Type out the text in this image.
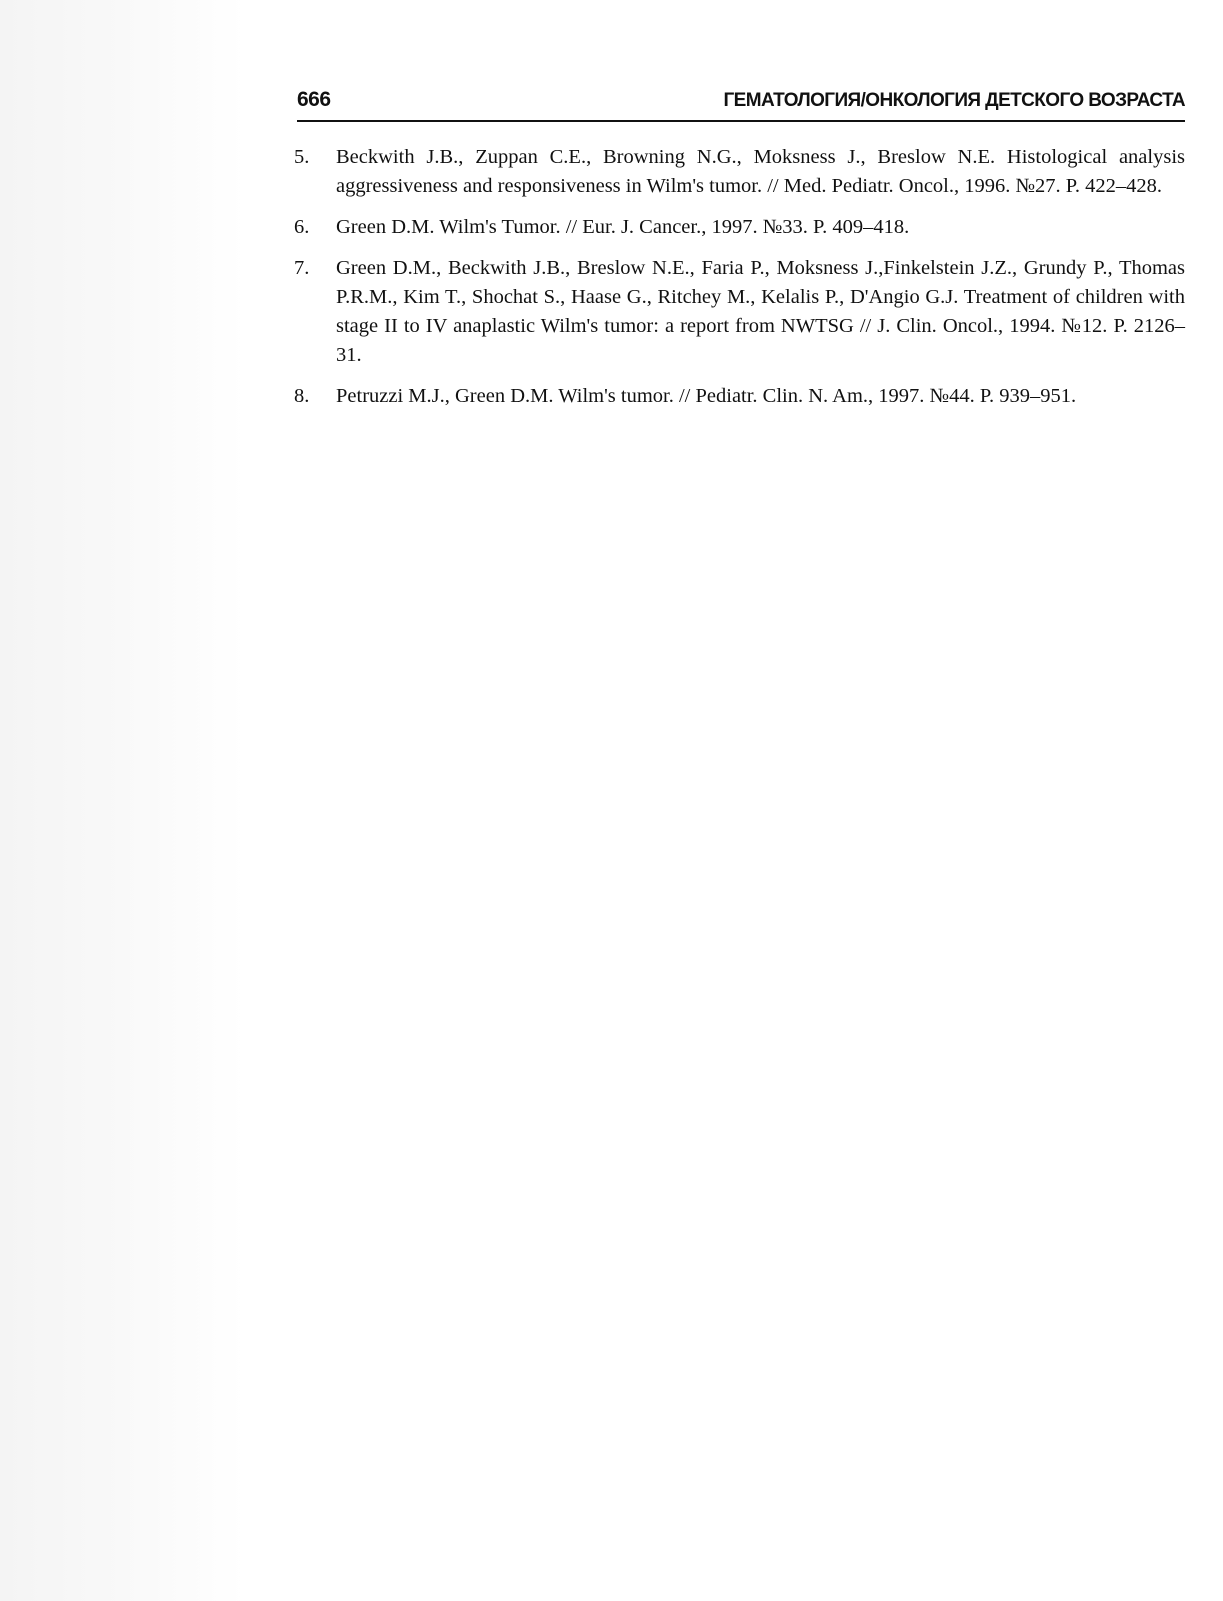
666	ГЕМАТОЛОГИЯ/ОНКОЛОГИЯ ДЕТСКОГО ВОЗРАСТА
5. Beckwith J.B., Zuppan C.E., Browning N.G., Moksness J., Breslow N.E. Histological analysis aggressiveness and responsiveness in Wilm's tumor. // Med. Pediatr. Oncol., 1996. №27. P. 422–428.
6. Green D.M. Wilm's Tumor. // Eur. J. Cancer., 1997. №33. P. 409–418.
7. Green D.M., Beckwith J.B., Breslow N.E., Faria P., Moksness J.,Finkelstein J.Z., Grundy P., Thomas P.R.M., Kim T., Shochat S., Haase G., Ritchey M., Kelalis P., D'Angio G.J. Treatment of children with stage II to IV anaplastic Wilm's tumor: a report from NWTSG // J. Clin. Oncol., 1994. №12. P. 2126–31.
8. Petruzzi M.J., Green D.M. Wilm's tumor. // Pediatr. Clin. N. Am., 1997. №44. P. 939–951.
